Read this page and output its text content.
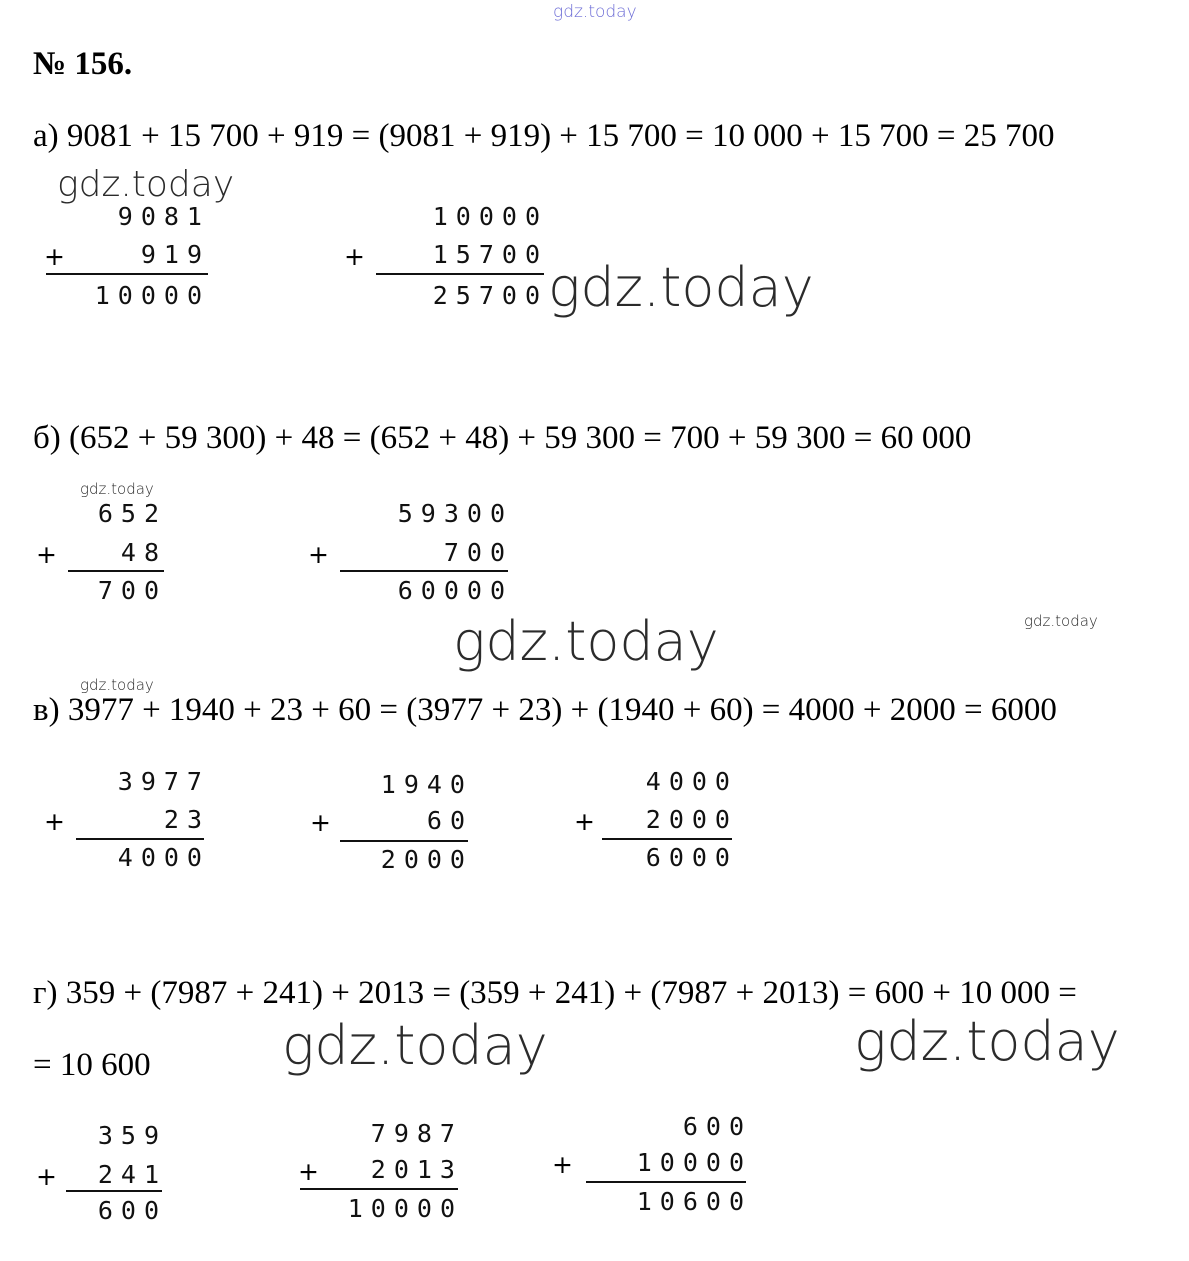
gdz.today
№ 156.
а) 9081 + 15 700 + 919 = (9081 + 919) + 15 700 = 10 000 + 15 700 = 25 700
gdz.today
9081
+	919
10000
10000
+	15700
25700 gdz.today
б) (652 + 59 300) + 48 = (652 + 48) + 59 300 = 700 + 59 300 = 60 000
gdz.today
652
+	48
700
59300
+	700
60000
gdz.today	gdz.today
gdz.today
в) 3977 + 1940 + 23 + 60 = (3977 + 23) + (1940 + 60) = 4000 + 2000 = 6000
3977
+	23
4000
1940
+	60
2000
4000
+	2000
6000
г) 359 + (7987 + 241) + 2013 = (359 + 241) + (7987 + 2013) = 600 + 10 000 =
= 10 600 gdz.today	gdz.today
359
+	241
600
7987
+	2013
10000
600
+	10000
10600
